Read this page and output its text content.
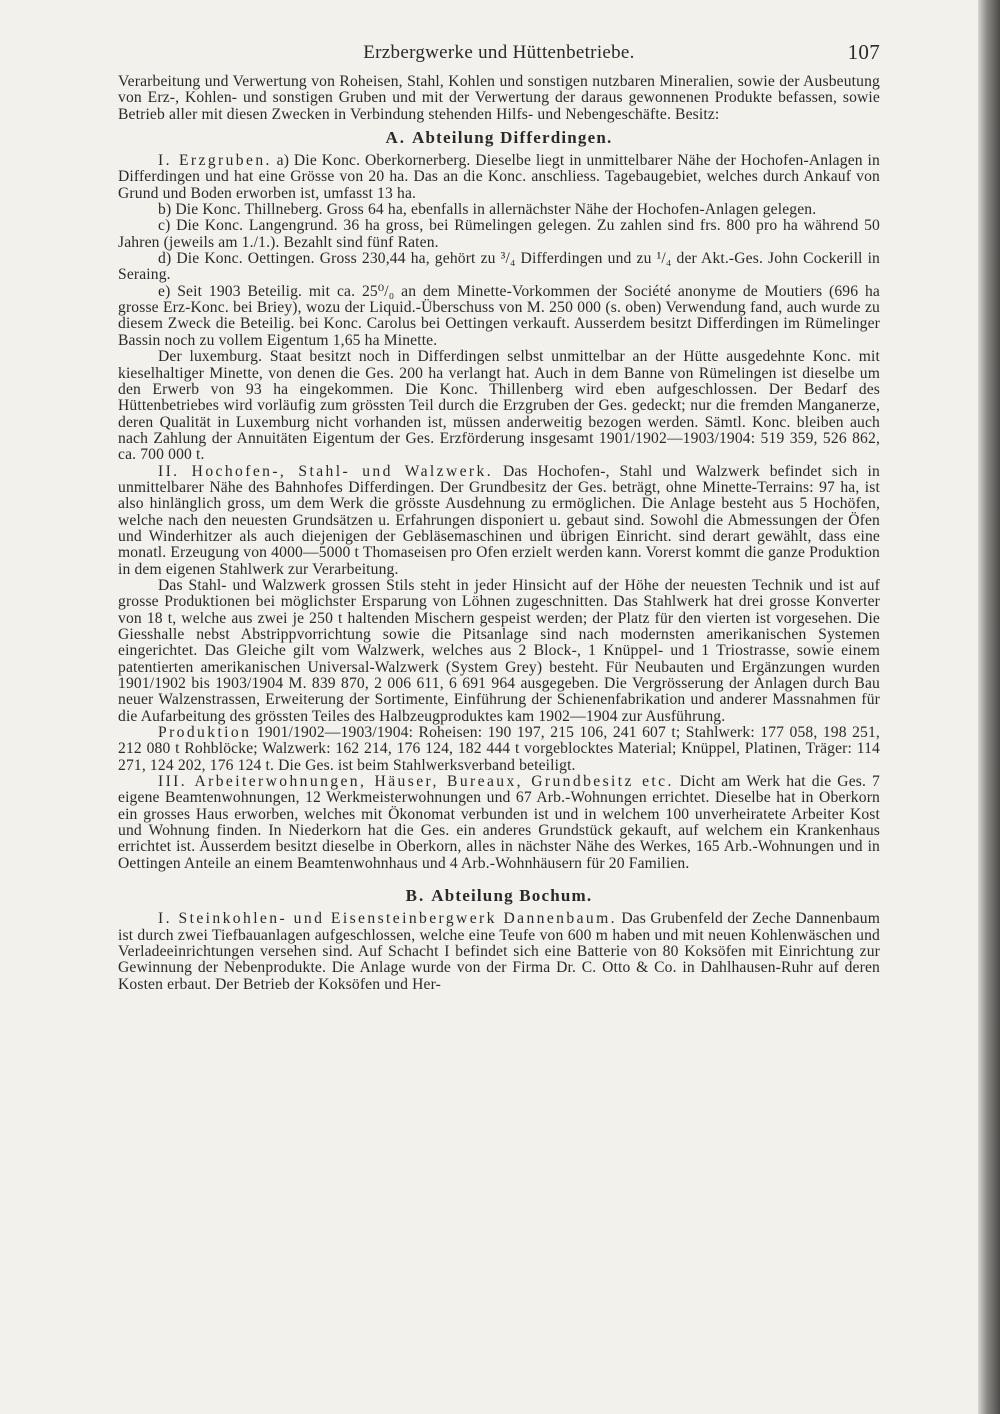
Erzbergwerke und Hüttenbetriebe.	107

Verarbeitung und Verwertung von Roheisen, Stahl, Kohlen und sonstigen nutzbaren Mineralien, sowie der Ausbeutung von Erz-, Kohlen- und sonstigen Gruben und mit der Verwertung der daraus gewonnenen Produkte befassen, sowie Betrieb aller mit diesen Zwecken in Verbindung stehenden Hilfs- und Nebengeschäfte. Besitz:

A. Abteilung Differdingen.

I. Erzgruben. a) Die Konc. Oberkornerberg. Dieselbe liegt in unmittelbarer Nähe der Hochofen-Anlagen in Differdingen und hat eine Grösse von 20 ha. Das an die Konc. anschliess. Tagebaugebiet, welches durch Ankauf von Grund und Boden erworben ist, umfasst 13 ha.

b) Die Konc. Thillneberg. Gross 64 ha, ebenfalls in allernächster Nähe der Hochofen-Anlagen gelegen.

c) Die Konc. Langengrund. 36 ha gross, bei Rümelingen gelegen. Zu zahlen sind frs. 800 pro ha während 50 Jahren (jeweils am 1./1.). Bezahlt sind fünf Raten.

d) Die Konc. Oettingen. Gross 230,44 ha, gehört zu ³/₄ Differdingen und zu ¹/₄ der Akt.-Ges. John Cockerill in Seraing.

e) Seit 1903 Beteilig. mit ca. 25⁰/₀ an dem Minette-Vorkommen der Société anonyme de Moutiers (696 ha grosse Erz-Konc. bei Briey), wozu der Liquid.-Überschuss von M. 250 000 (s. oben) Verwendung fand, auch wurde zu diesem Zweck die Beteilig. bei Konc. Carolus bei Oettingen verkauft. Ausserdem besitzt Differdingen im Rümelinger Bassin noch zu vollem Eigentum 1,65 ha Minette.

Der luxemburg. Staat besitzt noch in Differdingen selbst unmittelbar an der Hütte ausgedehnte Konc. mit kieselhaltiger Minette, von denen die Ges. 200 ha verlangt hat. Auch in dem Banne von Rümelingen ist dieselbe um den Erwerb von 93 ha eingekommen. Die Konc. Thillenberg wird eben aufgeschlossen. Der Bedarf des Hüttenbetriebes wird vorläufig zum grössten Teil durch die Erzgruben der Ges. gedeckt; nur die fremden Manganerze, deren Qualität in Luxemburg nicht vorhanden ist, müssen anderweitig bezogen werden. Sämtl. Konc. bleiben auch nach Zahlung der Annuitäten Eigentum der Ges. Erzförderung insgesamt 1901/1902—1903/1904: 519 359, 526 862, ca. 700 000 t.

II. Hochofen-, Stahl- und Walzwerk. Das Hochofen-, Stahl und Walzwerk befindet sich in unmittelbarer Nähe des Bahnhofes Differdingen. Der Grundbesitz der Ges. beträgt, ohne Minette-Terrains: 97 ha, ist also hinlänglich gross, um dem Werk die grösste Ausdehnung zu ermöglichen. Die Anlage besteht aus 5 Hochöfen, welche nach den neuesten Grundsätzen u. Erfahrungen disponiert u. gebaut sind. Sowohl die Abmessungen der Öfen und Winderhitzer als auch diejenigen der Gebläsemaschinen und übrigen Einricht. sind derart gewählt, dass eine monatl. Erzeugung von 4000—5000 t Thomaseisen pro Ofen erzielt werden kann. Vorerst kommt die ganze Produktion in dem eigenen Stahlwerk zur Verarbeitung.

Das Stahl- und Walzwerk grossen Stils steht in jeder Hinsicht auf der Höhe der neuesten Technik und ist auf grosse Produktionen bei möglichster Ersparung von Löhnen zugeschnitten. Das Stahlwerk hat drei grosse Konverter von 18 t, welche aus zwei je 250 t haltenden Mischern gespeist werden; der Platz für den vierten ist vorgesehen. Die Giesshalle nebst Abstrippvorrichtung sowie die Pitsanlage sind nach modernsten amerikanischen Systemen eingerichtet. Das Gleiche gilt vom Walzwerk, welches aus 2 Block-, 1 Knüppel- und 1 Triostrasse, sowie einem patentierten amerikanischen Universal-Walzwerk (System Grey) besteht. Für Neubauten und Ergänzungen wurden 1901/1902 bis 1903/1904 M. 839 870, 2 006 611, 6 691 964 ausgegeben. Die Vergrösserung der Anlagen durch Bau neuer Walzenstrassen, Erweiterung der Sortimente, Einführung der Schienenfabrikation und anderer Massnahmen für die Aufarbeitung des grössten Teiles des Halbzeugproduktes kam 1902—1904 zur Ausführung.

Produktion 1901/1902—1903/1904: Roheisen: 190 197, 215 106, 241 607 t; Stahlwerk: 177 058, 198 251, 212 080 t Rohblöcke; Walzwerk: 162 214, 176 124, 182 444 t vorgeblocktes Material; Knüppel, Platinen, Träger: 114 271, 124 202, 176 124 t. Die Ges. ist beim Stahlwerksverband beteiligt.

III. Arbeiterwohnungen, Häuser, Bureaux, Grundbesitz etc. Dicht am Werk hat die Ges. 7 eigene Beamtenwohnungen, 12 Werkmeisterwohnungen und 67 Arb.-Wohnungen errichtet. Dieselbe hat in Oberkorn ein grosses Haus erworben, welches mit Ökonomat verbunden ist und in welchem 100 unverheiratete Arbeiter Kost und Wohnung finden. In Niederkorn hat die Ges. ein anderes Grundstück gekauft, auf welchem ein Krankenhaus errichtet ist. Ausserdem besitzt dieselbe in Oberkorn, alles in nächster Nähe des Werkes, 165 Arb.-Wohnungen und in Oettingen Anteile an einem Beamtenwohnhaus und 4 Arb.-Wohnhäusern für 20 Familien.

B. Abteilung Bochum.

I. Steinkohlen- und Eisensteinbergwerk Dannenbaum. Das Grubenfeld der Zeche Dannenbaum ist durch zwei Tiefbauanlagen aufgeschlossen, welche eine Teufe von 600 m haben und mit neuen Kohlenwäschen und Verladeeinrichtungen versehen sind. Auf Schacht I befindet sich eine Batterie von 80 Koksöfen mit Einrichtung zur Gewinnung der Nebenprodukte. Die Anlage wurde von der Firma Dr. C. Otto & Co. in Dahlhausen-Ruhr auf deren Kosten erbaut. Der Betrieb der Koksöfen und Her-
